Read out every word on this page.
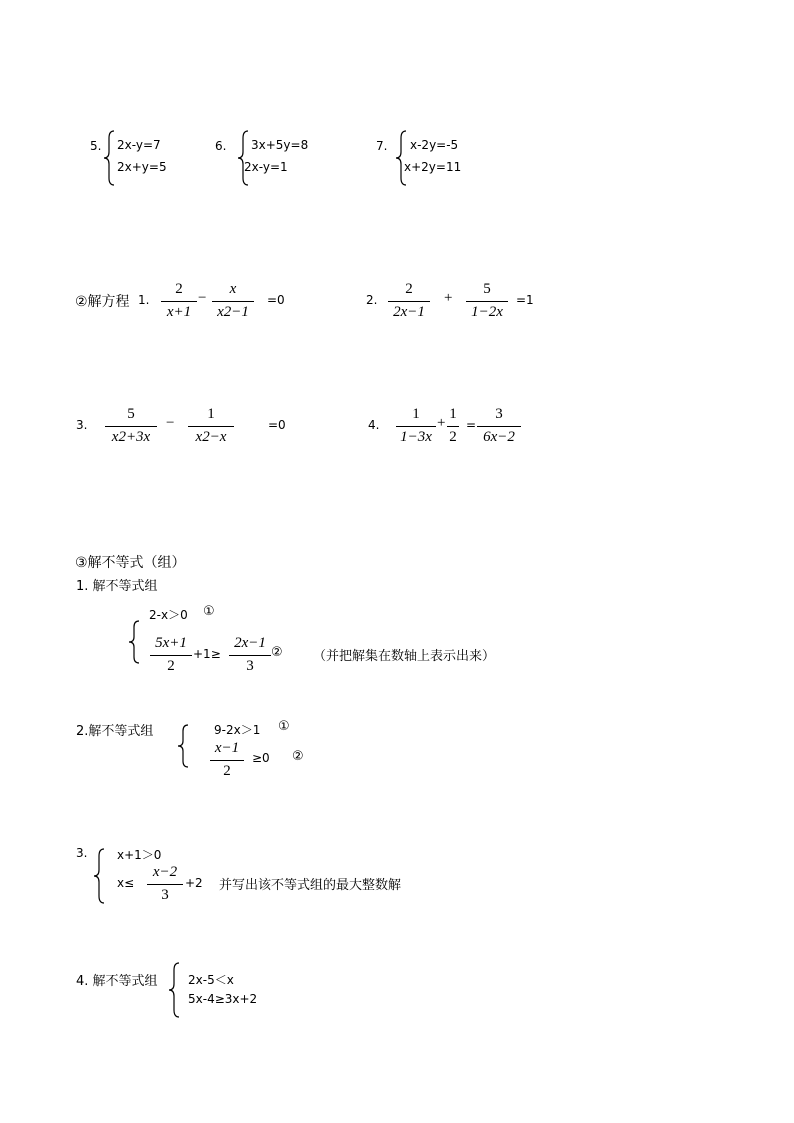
5. 2x-y=7
2x+y=5
6. 3x+5y=8
2x-y=1
7. x-2y=-5
x+2y=11
②解方程 1.
2
x+1
−
x
x2−1
=0	2.
2
2x−1
+
5
1−2x
=1
3.
5
x2+3x
−
1
x2−x
=0	4.
1
1−3x
+
1
2
=
3
6x−2
③解不等式（组）
1. 解不等式组
2-x＞0 ①
5x+1
2
+1≥
2x−1
3
② （并把解集在数轴上表示出来）
2.解不等式组	9-2x＞1 ①
x−1
2
≥0 ②
3. x+1＞0
x≤
x−2
3
+2 并写出该不等式组的最大整数解
4. 解不等式组	2x-5＜x
5x-4≥3x+2
